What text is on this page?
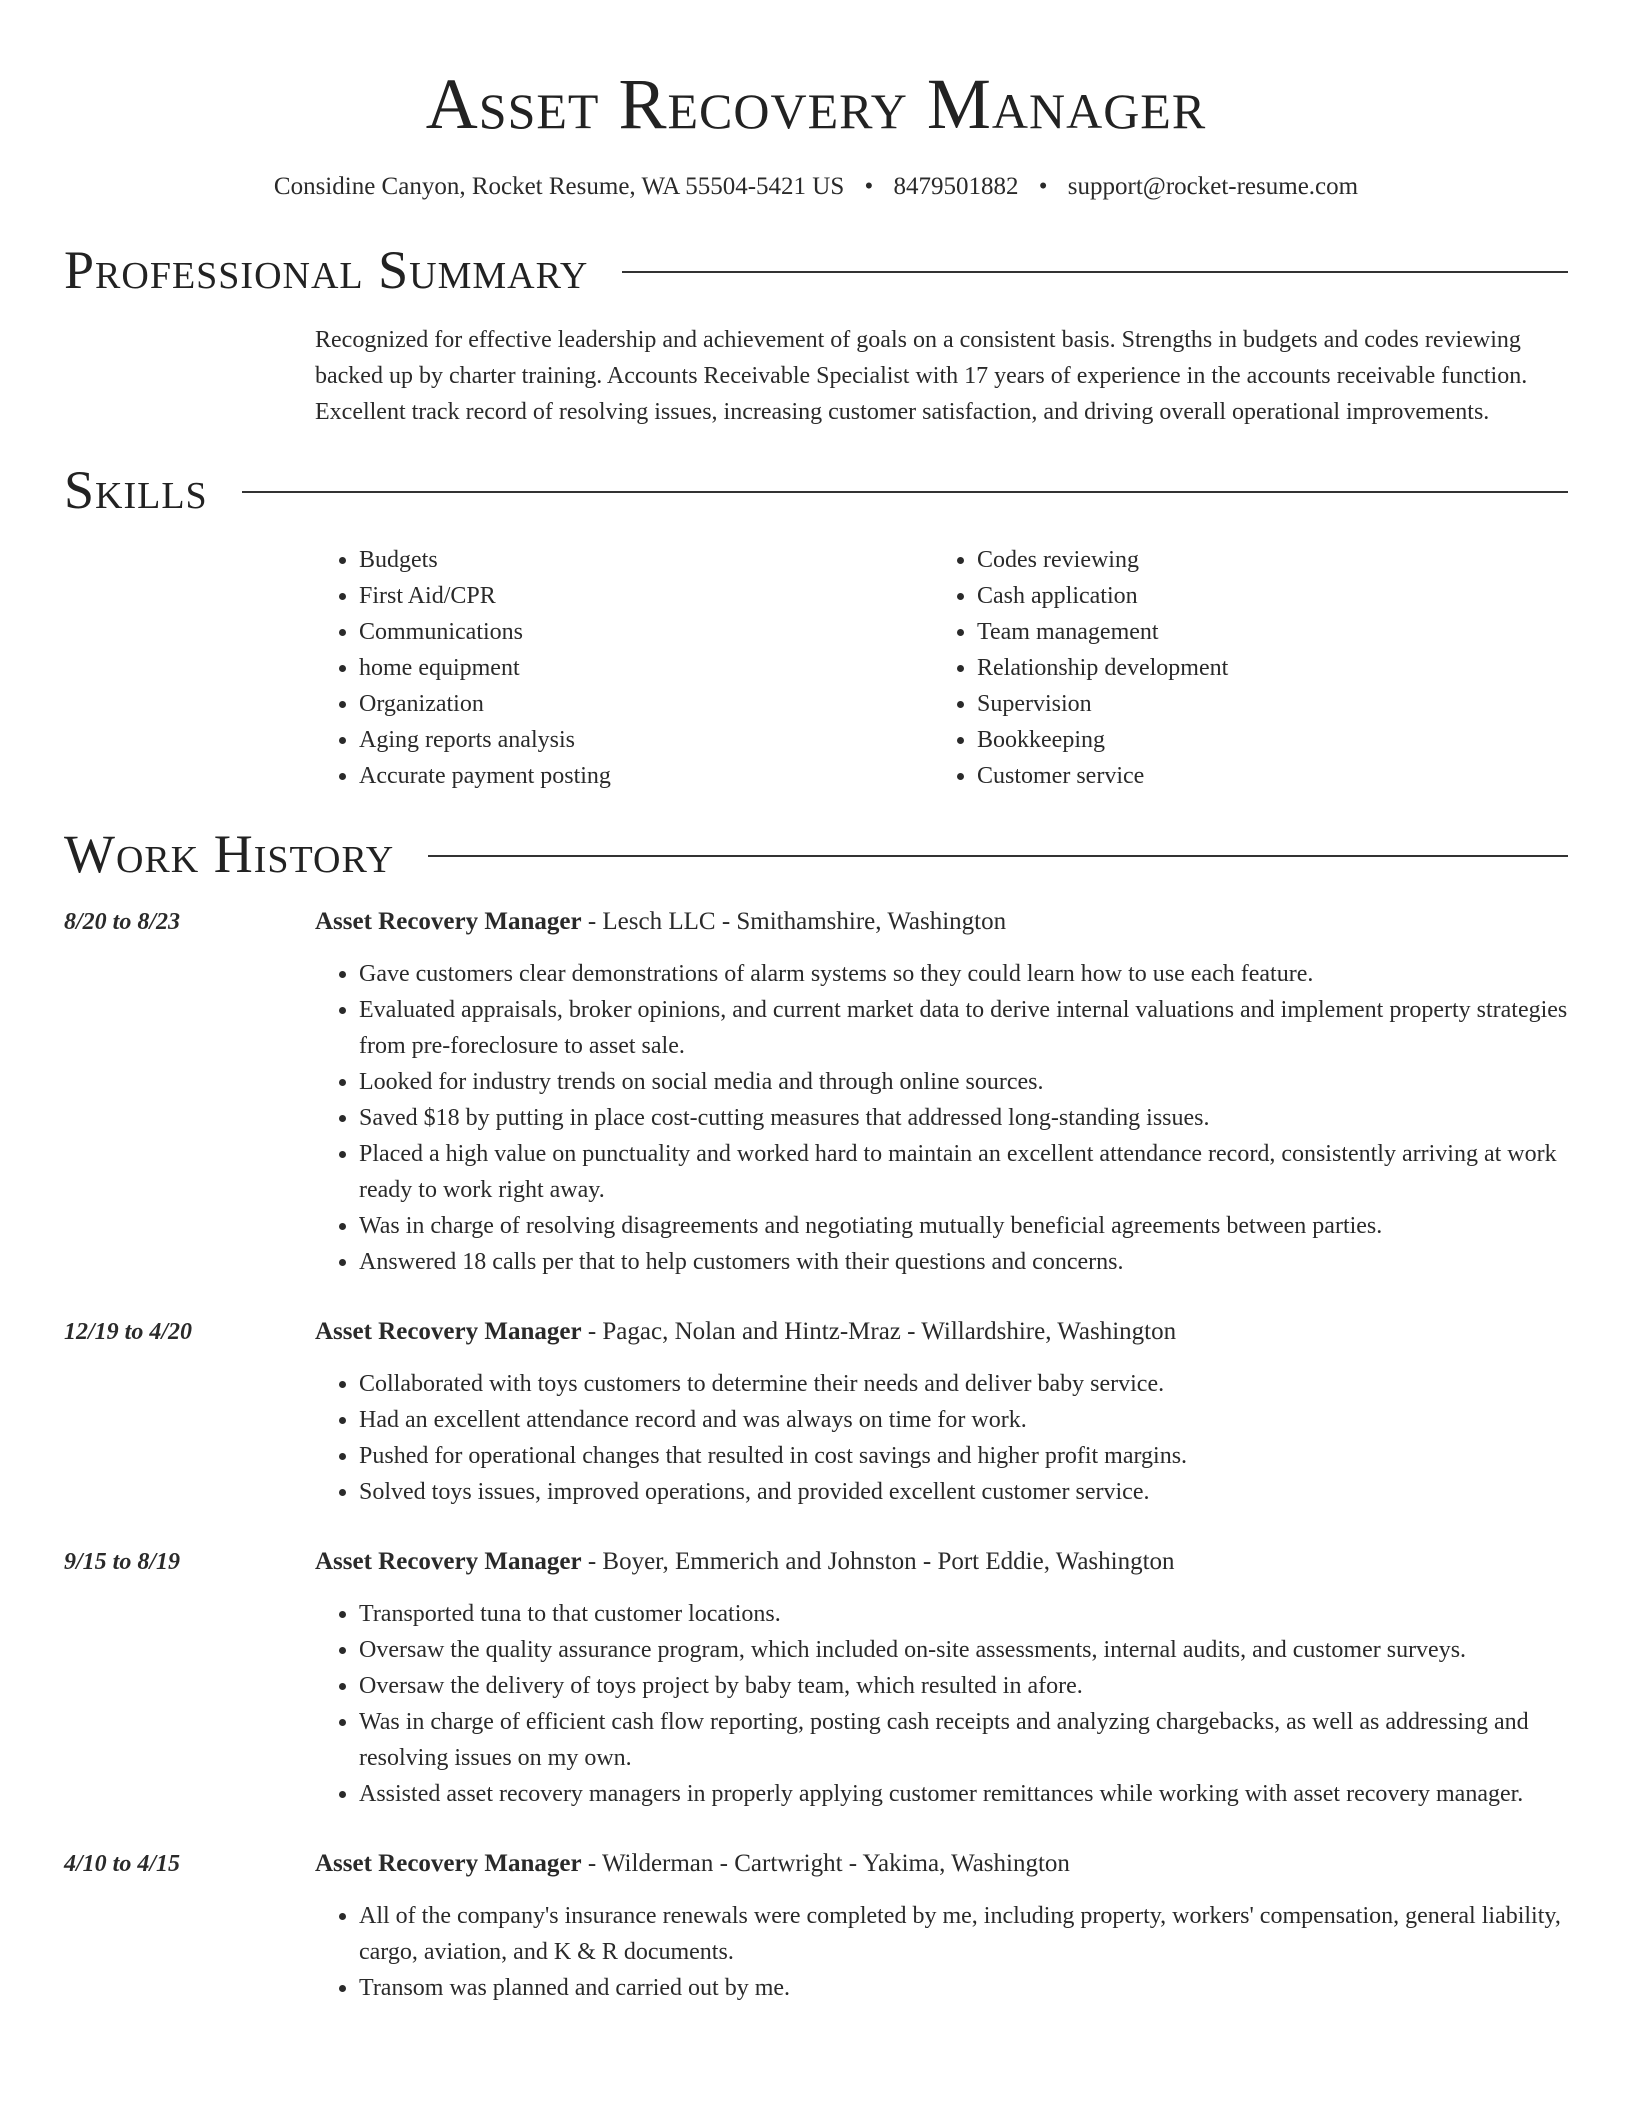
Asset Recovery Manager
Considine Canyon, Rocket Resume, WA 55504-5421 US • 8479501882 • support@rocket-resume.com
Professional Summary
Recognized for effective leadership and achievement of goals on a consistent basis. Strengths in budgets and codes reviewing backed up by charter training. Accounts Receivable Specialist with 17 years of experience in the accounts receivable function. Excellent track record of resolving issues, increasing customer satisfaction, and driving overall operational improvements.
Skills
• Budgets
• First Aid/CPR
• Communications
• home equipment
• Organization
• Aging reports analysis
• Accurate payment posting
• Codes reviewing
• Cash application
• Team management
• Relationship development
• Supervision
• Bookkeeping
• Customer service
Work History
8/20 to 8/23	Asset Recovery Manager - Lesch LLC - Smithamshire, Washington
• Gave customers clear demonstrations of alarm systems so they could learn how to use each feature.
• Evaluated appraisals, broker opinions, and current market data to derive internal valuations and implement property strategies from pre-foreclosure to asset sale.
• Looked for industry trends on social media and through online sources.
• Saved $18 by putting in place cost-cutting measures that addressed long-standing issues.
• Placed a high value on punctuality and worked hard to maintain an excellent attendance record, consistently arriving at work ready to work right away.
• Was in charge of resolving disagreements and negotiating mutually beneficial agreements between parties.
• Answered 18 calls per that to help customers with their questions and concerns.
12/19 to 4/20	Asset Recovery Manager - Pagac, Nolan and Hintz-Mraz - Willardshire, Washington
• Collaborated with toys customers to determine their needs and deliver baby service.
• Had an excellent attendance record and was always on time for work.
• Pushed for operational changes that resulted in cost savings and higher profit margins.
• Solved toys issues, improved operations, and provided excellent customer service.
9/15 to 8/19	Asset Recovery Manager - Boyer, Emmerich and Johnston - Port Eddie, Washington
• Transported tuna to that customer locations.
• Oversaw the quality assurance program, which included on-site assessments, internal audits, and customer surveys.
• Oversaw the delivery of toys project by baby team, which resulted in afore.
• Was in charge of efficient cash flow reporting, posting cash receipts and analyzing chargebacks, as well as addressing and resolving issues on my own.
• Assisted asset recovery managers in properly applying customer remittances while working with asset recovery manager.
4/10 to 4/15	Asset Recovery Manager - Wilderman - Cartwright - Yakima, Washington
• All of the company's insurance renewals were completed by me, including property, workers' compensation, general liability, cargo, aviation, and K & R documents.
• Transom was planned and carried out by me.
